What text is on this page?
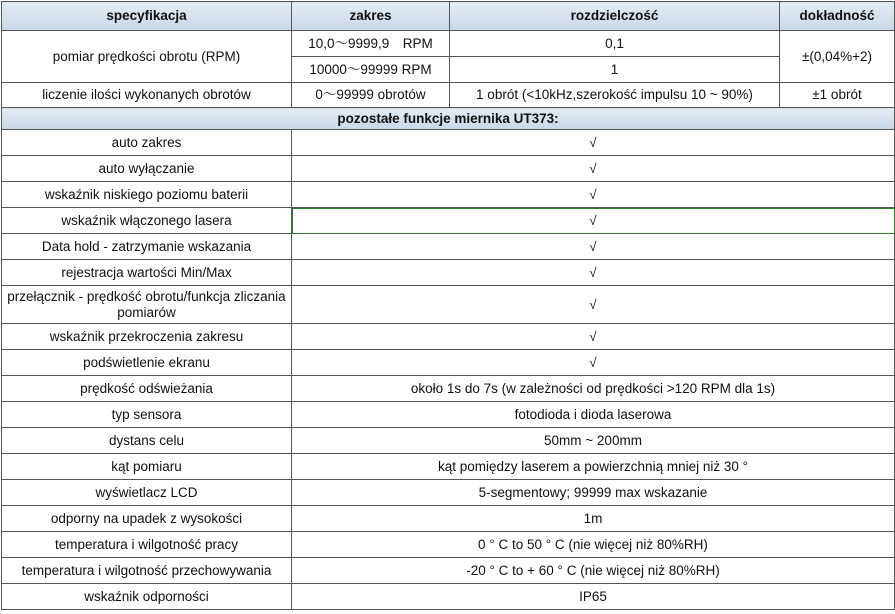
specyfikacja	zakres	rozdzielczość	dokładność
pomiar prędkości obrotu (RPM)	10,0～9999,9　RPM	0,1	±(0,04%+2)
	10000～99999 RPM	1	
liczenie ilości wykonanych obrotów	0～99999 obrotów	1 obrót (<10kHz,szerokość impulsu 10 ~ 90%)	±1 obrót
pozostałe funkcje miernika UT373:			
auto zakres	√		
auto wyłączanie	√		
wskaźnik niskiego poziomu baterii	√		
wskaźnik włączonego lasera	√		
Data hold - zatrzymanie wskazania	√		
rejestracja wartości Min/Max	√		
przełącznik - prędkość obrotu/funkcja zliczania pomiarów	√		
wskaźnik przekroczenia zakresu	√		
podświetlenie ekranu	√		
prędkość odświeżania	około 1s do 7s (w zależności od prędkości >120 RPM dla 1s)		
typ sensora	fotodioda i dioda laserowa		
dystans celu	50mm ~ 200mm		
kąt pomiaru	kąt pomiędzy laserem a powierzchnią mniej niż 30 °		
wyświetlacz LCD	5-segmentowy; 99999 max wskazanie		
odporny na upadek z wysokości	1m		
temperatura i wilgotność pracy	0 ° C to 50 ° C (nie więcej niż 80%RH)		
temperatura i wilgotność przechowywania	-20 ° C to + 60 ° C (nie więcej niż 80%RH)		
wskaźnik odporności	IP65		
